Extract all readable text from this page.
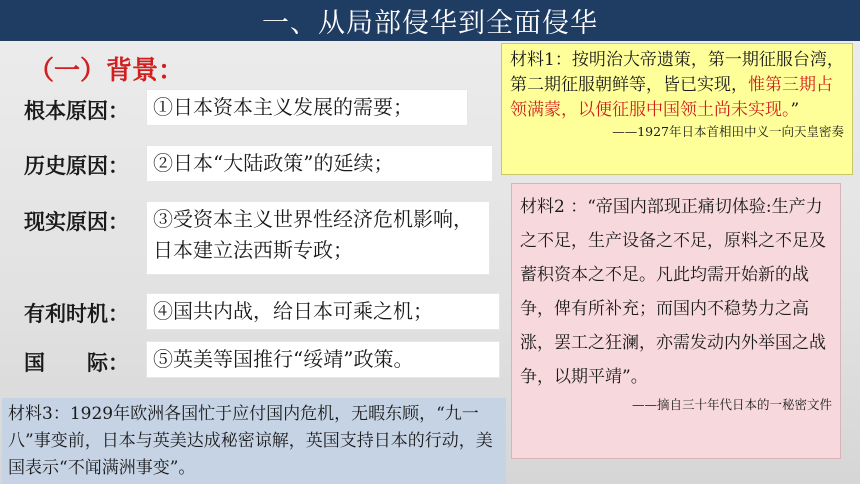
一、从局部侵华到全面侵华
（一）背景：
根本原因：	①日本资本主义发展的需要；
历史原因：	②日本“大陆政策”的延续；
现实原因：	③受资本主义世界性经济危机影响，日本建立法西斯专政；
有利时机：	④国共内战，给日本可乘之机；
国　　际：	⑤英美等国推行“绥靖”政策。
材料1：按明治大帝遗策，第一期征服台湾，第二期征服朝鲜等，皆已实现，惟第三期占领满蒙，以便征服中国领土尚未实现。”
——1927年日本首相田中义一向天皇密奏
材料2 ：“帝国内部现正痛切体验:生产力之不足，生产设备之不足，原料之不足及蓄积资本之不足。凡此均需开始新的战争，俾有所补充；而国内不稳势力之高涨，罢工之狂澜，亦需发动内外举国之战争，以期平靖”。
——摘自三十年代日本的一秘密文件
材料3：1929年欧洲各国忙于应付国内危机，无暇东顾，“九一八”事变前，日本与英美达成秘密谅解，英国支持日本的行动，美国表示“不闻满洲事变”。
